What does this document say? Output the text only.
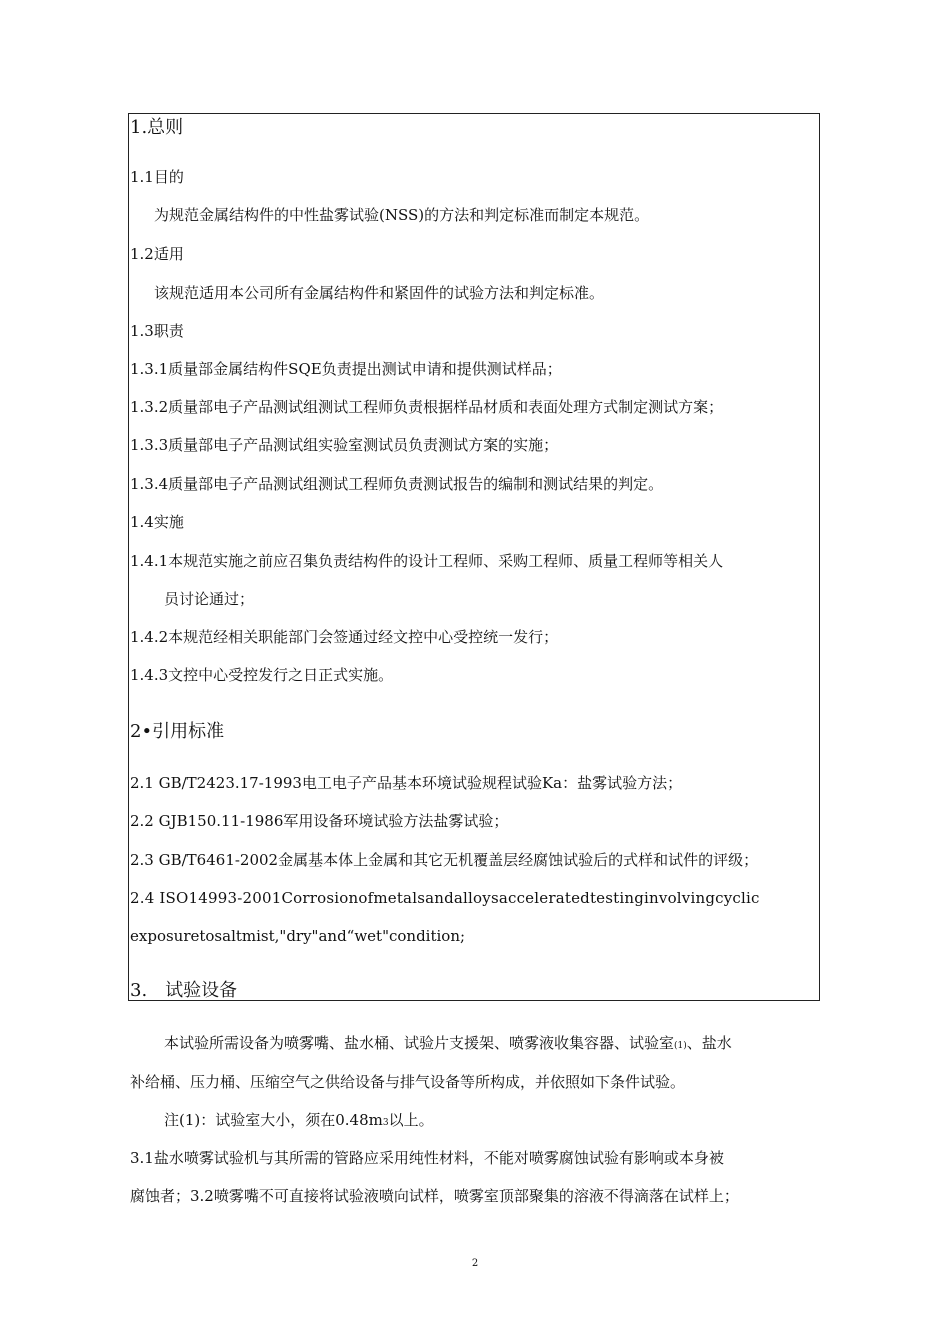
1.总则
1.1目的
为规范金属结构件的中性盐雾试验(NSS)的方法和判定标准而制定本规范。
1.2适用
该规范适用本公司所有金属结构件和紧固件的试验方法和判定标准。
1.3职责
1.3.1质量部金属结构件SQE负责提出测试申请和提供测试样品；
1.3.2质量部电子产品测试组测试工程师负责根据样品材质和表面处理方式制定测试方案；
1.3.3质量部电子产品测试组实验室测试员负责测试方案的实施；
1.3.4质量部电子产品测试组测试工程师负责测试报告的编制和测试结果的判定。
1.4实施
1.4.1本规范实施之前应召集负责结构件的设计工程师、采购工程师、质量工程师等相关人
员讨论通过；
1.4.2本规范经相关职能部门会签通过经文控中心受控统一发行；
1.4.3文控中心受控发行之日正式实施。
2•引用标准
2.1 GB/T2423.17-1993电工电子产品基本环境试验规程试验Ka：盐雾试验方法；
2.2 GJB150.11-1986军用设备环境试验方法盐雾试验；
2.3 GB/T6461-2002金属基本体上金属和其它无机覆盖层经腐蚀试验后的式样和试件的评级；
2.4 ISO14993-2001Corrosionofmetalsandalloysacceleratedtestinginvolvingcyclic
exposuretosaltmist,"dry"and“wet"condition;
3.　试验设备
本试验所需设备为喷雾嘴、盐水桶、试验片支援架、喷雾液收集容器、试验室(1)、盐水
补给桶、压力桶、压缩空气之供给设备与排气设备等所构成，并依照如下条件试验。
注(1)：试验室大小，须在0.48m3以上。
3.1盐水喷雾试验机与其所需的管路应采用纯性材料，不能对喷雾腐蚀试验有影响或本身被
腐蚀者；3.2喷雾嘴不可直接将试验液喷向试样，喷雾室顶部聚集的溶液不得滴落在试样上；
2
